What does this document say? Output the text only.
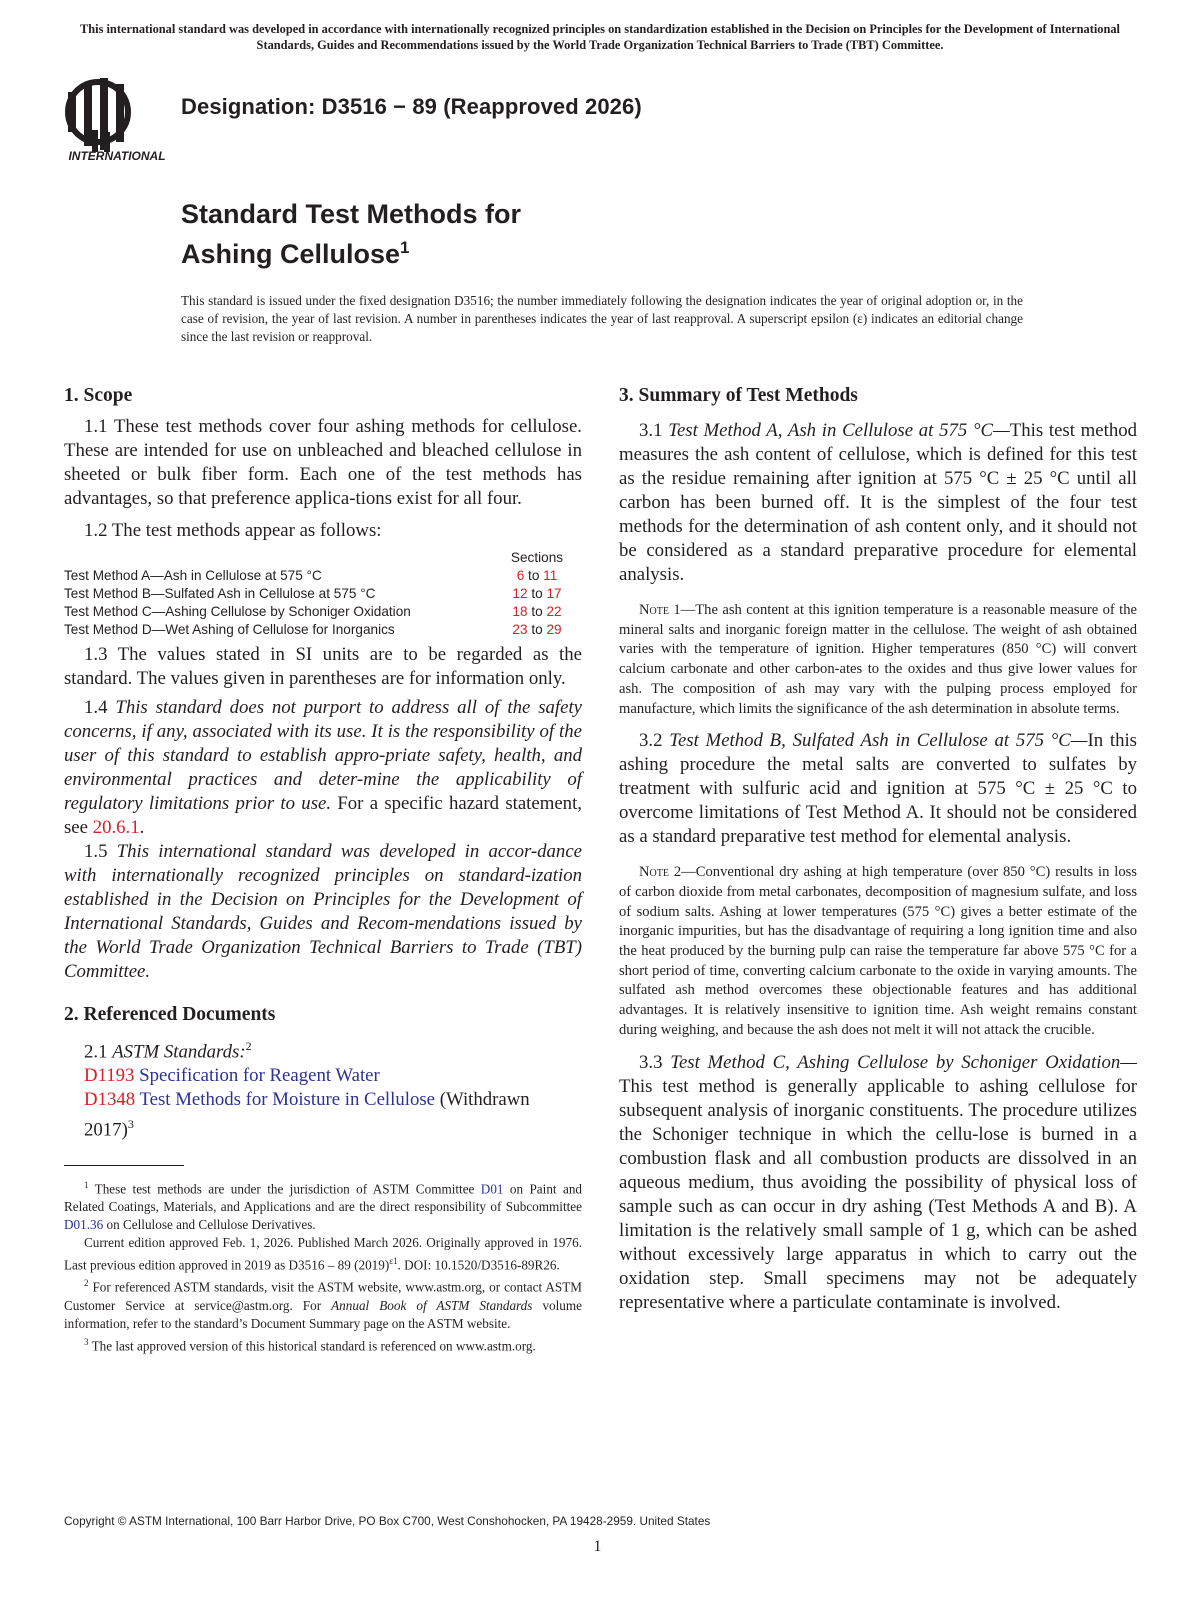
This international standard was developed in accordance with internationally recognized principles on standardization established in the Decision on Principles for the Development of International Standards, Guides and Recommendations issued by the World Trade Organization Technical Barriers to Trade (TBT) Committee.
INTERNATIONAL
Designation: D3516 − 89 (Reapproved 2026)
Standard Test Methods for
Ashing Cellulose$^1$
This standard is issued under the fixed designation D3516; the number immediately following the designation indicates the year of original adoption or, in the case of revision, the year of last revision. A number in parentheses indicates the year of last reapproval. A superscript epsilon (ε) indicates an editorial change since the last revision or reapproval.
1. Scope

1.1 These test methods cover four ashing methods for cellulose. These are intended for use on unbleached and bleached cellulose in sheeted or bulk fiber form. Each one of the test methods has advantages, so that preference applica-tions exist for all four.

1.2 The test methods appear as follows:

	Sections
Test Method A—Ash in Cellulose at 575 °C	6 to 11
Test Method B—Sulfated Ash in Cellulose at 575 °C	12 to 17
Test Method C—Ashing Cellulose by Schoniger Oxidation	18 to 22
Test Method D—Wet Ashing of Cellulose for Inorganics	23 to 29

1.3 The values stated in SI units are to be regarded as the standard. The values given in parentheses are for information only.

1.4 This standard does not purport to address all of the safety concerns, if any, associated with its use. It is the responsibility of the user of this standard to establish appro-priate safety, health, and environmental practices and deter-mine the applicability of regulatory limitations prior to use. For a specific hazard statement, see 20.6.1.

1.5 This international standard was developed in accor-dance with internationally recognized principles on standard-ization established in the Decision on Principles for the Development of International Standards, Guides and Recom-mendations issued by the World Trade Organization Technical Barriers to Trade (TBT) Committee.

2. Referenced Documents
2.1 ASTM Standards:$^2$
D1193 Specification for Reagent Water
D1348 Test Methods for Moisture in Cellulose (Withdrawn 2017)$^3$

$^1$ These test methods are under the jurisdiction of ASTM Committee D01 on Paint and Related Coatings, Materials, and Applications and are the direct responsibility of Subcommittee D01.36 on Cellulose and Cellulose Derivatives.

Current edition approved Feb. 1, 2026. Published March 2026. Originally approved in 1976. Last previous edition approved in 2019 as D3516 – 89 $(2019)^{\varepsilon 1}$. DOI: 10.1520/D3516-89R26.

$^2$ For referenced ASTM standards, visit the ASTM website, www.astm.org, or contact ASTM Customer Service at service@astm.org. For Annual Book of ASTM Standards volume information, refer to the standard’s Document Summary page on the ASTM website.

$^3$ The last approved version of this historical standard is referenced on www.astm.org.

3. Summary of Test Methods

3.1 Test Method A, Ash in Cellulose at 575 °C—This test method measures the ash content of cellulose, which is defined for this test as the residue remaining after ignition at 575 °C ± 25 °C until all carbon has been burned off. It is the simplest of the four test methods for the determination of ash content only, and it should not be considered as a standard preparative procedure for elemental analysis.

Note 1—The ash content at this ignition temperature is a reasonable measure of the mineral salts and inorganic foreign matter in the cellulose. The weight of ash obtained varies with the temperature of ignition. Higher temperatures (850 °C) will convert calcium carbonate and other carbon-ates to the oxides and thus give lower values for ash. The composition of ash may vary with the pulping process employed for manufacture, which limits the significance of the ash determination in absolute terms.

3.2 Test Method B, Sulfated Ash in Cellulose at 575 °C—In this ashing procedure the metal salts are converted to sulfates by treatment with sulfuric acid and ignition at 575 °C ± 25 °C to overcome limitations of Test Method A. It should not be considered as a standard preparative test method for elemental analysis.

Note 2—Conventional dry ashing at high temperature (over 850 °C) results in loss of carbon dioxide from metal carbonates, decomposition of magnesium sulfate, and loss of sodium salts. Ashing at lower temperatures (575 °C) gives a better estimate of the inorganic impurities, but has the disadvantage of requiring a long ignition time and also the heat produced by the burning pulp can raise the temperature far above 575 °C for a short period of time, converting calcium carbonate to the oxide in varying amounts. The sulfated ash method overcomes these objectionable features and has additional advantages. It is relatively insensitive to ignition time. Ash weight remains constant during weighing, and because the ash does not melt it will not attack the crucible.

3.3 Test Method C, Ashing Cellulose by Schoniger Oxidation—This test method is generally applicable to ashing cellulose for subsequent analysis of inorganic constituents. The procedure utilizes the Schoniger technique in which the cellu-lose is burned in a combustion flask and all combustion products are dissolved in an aqueous medium, thus avoiding the possibility of physical loss of sample such as can occur in dry ashing (Test Methods A and B). A limitation is the relatively small sample of 1 g, which can be ashed without excessively large apparatus in which to carry out the oxidation step. Small specimens may not be adequately representative where a particulate contaminate is involved.

Copyright © ASTM International, 100 Barr Harbor Drive, PO Box C700, West Conshohocken, PA 19428-2959. United States
1
